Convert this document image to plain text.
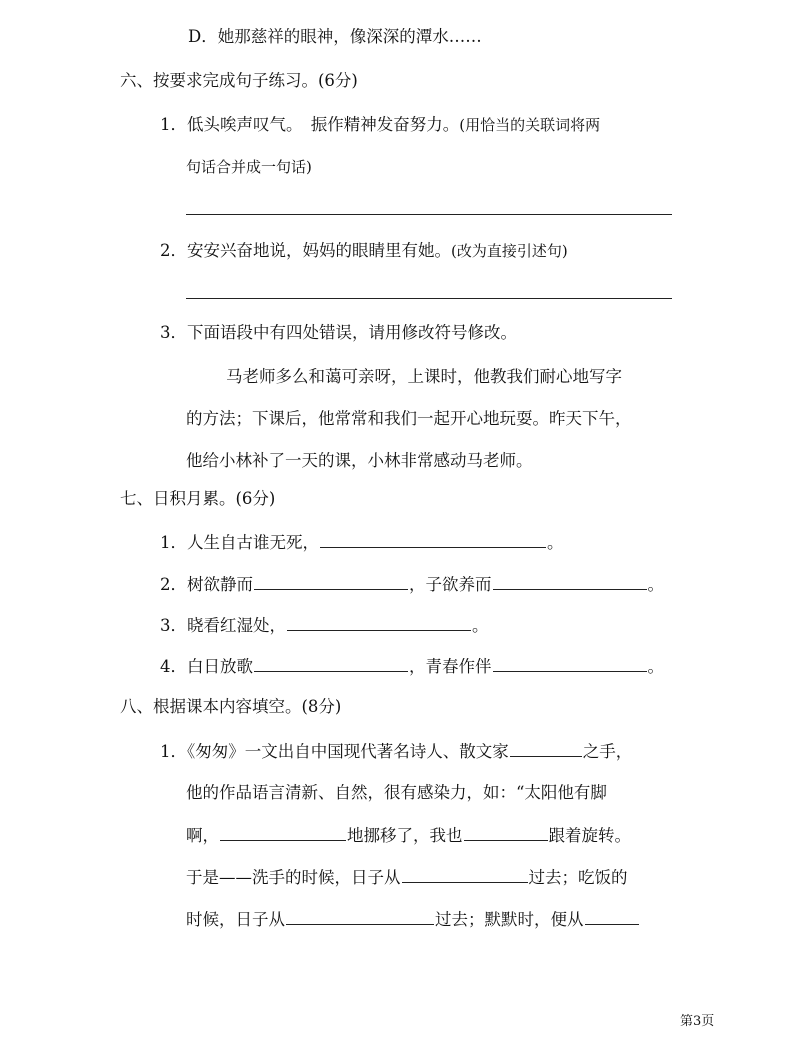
D．她那慈祥的眼神，像深深的潭水……
六、按要求完成句子练习。(6分)
1．低头唉声叹气。　振作精神发奋努力。(用恰当的关联词将两
句话合并成一句话)
2．安安兴奋地说，妈妈的眼睛里有她。(改为直接引述句)
3．下面语段中有四处错误，请用修改符号修改。
马老师多么和蔼可亲呀，上课时，他教我们耐心地写字
的方法；下课后，他常常和我们一起开心地玩耍。昨天下午，
他给小林补了一天的课，小林非常感动马老师。
七、日积月累。(6分)
1．人生自古谁无死，	。
2．树欲静而	，子欲养而	。
3．晓看红湿处，	。
4．白日放歌	，青春作伴	。
八、根据课本内容填空。(8分)
1．《匆匆》一文出自中国现代著名诗人、散文家	之手，
他的作品语言清新、自然，很有感染力，如：“太阳他有脚
啊，	地挪移了，我也	跟着旋转。
于是——洗手的时候，日子从	过去；吃饭的
时候，日子从	过去；默默时，便从
第3页
